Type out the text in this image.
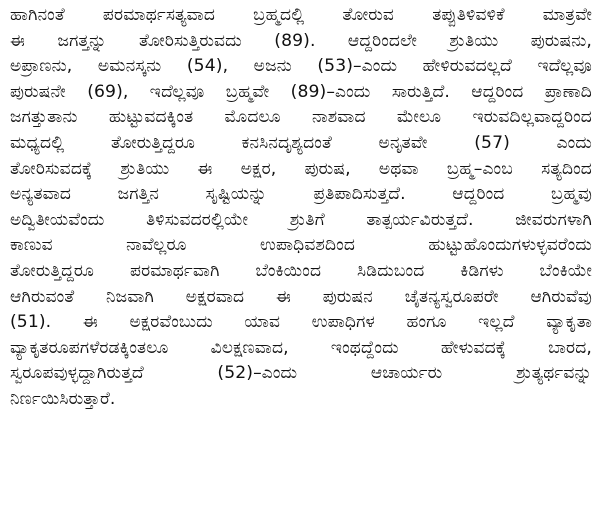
ಹಾಗಿನಂತೆ ಪರಮಾರ್ಥಸತ್ಯವಾದ ಬ್ರಹ್ಮದಲ್ಲಿ ತೋರುವ ತಪ್ಪುತಿಳಿವಳಿಕೆ ಮಾತ್ರವೇ
ಈ ಜಗತ್ತನ್ನು ತೋರಿಸುತ್ತಿರುವದು (89). ಆದ್ದರಿಂದಲೇ ಶ್ರುತಿಯು ಪುರುಷನು,
ಅಪ್ರಾಣನು, ಅಮನಸ್ಕನು (54), ಅಜನು (53)–ಎಂದು ಹೇಳಿರುವದಲ್ಲದೆ ಇದೆಲ್ಲವೂ
ಪುರುಷನೇ (69), ಇದೆಲ್ಲವೂ ಬ್ರಹ್ಮವೇ (89)–ಎಂದು ಸಾರುತ್ತಿದೆ. ಆದ್ದರಿಂದ ಪ್ರಾಣಾದಿ
ಜಗತ್ತುತಾನು ಹುಟ್ಟುವದಕ್ಕಿಂತ ಮೊದಲೂ ನಾಶವಾದ ಮೇಲೂ ಇರುವದಿಲ್ಲವಾದ್ದರಿಂದ
ಮಧ್ಯದಲ್ಲಿ ತೋರುತ್ತಿದ್ದರೂ ಕನಸಿನದೃಶ್ಯದಂತೆ ಅನೃತವೇ (57) ಎಂದು
ತೋರಿಸುವದಕ್ಕೆ ಶ್ರುತಿಯು ಈ ಅಕ್ಷರ, ಪುರುಷ, ಅಥವಾ ಬ್ರಹ್ಮ–ಎಂಬ ಸತ್ಯದಿಂದ
ಅನ್ಯತವಾದ ಜಗತ್ತಿನ ಸೃಷ್ಟಿಯನ್ನು ಪ್ರತಿಪಾದಿಸುತ್ತದೆ. ಆದ್ದರಿಂದ ಬ್ರಹ್ಮವು
ಅದ್ವಿತೀಯವೆಂದು ತಿಳಿಸುವದರಲ್ಲಿಯೇ ಶ್ರುತಿಗೆ ತಾತ್ಪರ್ಯವಿರುತ್ತದೆ. ಜೀವರುಗಳಾಗಿ
ಕಾಣುವ ನಾವೆಲ್ಲರೂ ಉಪಾಧಿವಶದಿಂದ ಹುಟ್ಟುಹೊಂದುಗಳುಳ್ಳವರೆಂದು
ತೋರುತ್ತಿದ್ದರೂ ಪರಮಾರ್ಥವಾಗಿ ಬೆಂಕಿಯಿಂದ ಸಿಡಿದುಬಂದ ಕಿಡಿಗಳು ಬೆಂಕಿಯೇ
ಆಗಿರುವಂತೆ ನಿಜವಾಗಿ ಅಕ್ಷರವಾದ ಈ ಪುರುಷನ ಚೈತನ್ಯಸ್ವರೂಪರೇ ಆಗಿರುವೆವು
(51). ಈ ಅಕ್ಷರವೆಂಬುದು ಯಾವ ಉಪಾಧಿಗಳ ಹಂಗೂ ಇಲ್ಲದೆ ವ್ಯಾಕೃತಾ
ವ್ಯಾಕೃತರೂಪಗಳೆರಡಕ್ಕಿಂತಲೂ ವಿಲಕ್ಷಣವಾದ, ಇಂಥದ್ದೆಂದು ಹೇಳುವದಕ್ಕೆ ಬಾರದ,
ಸ್ವರೂಪವುಳ್ಳದ್ದಾಗಿರುತ್ತದೆ (52)–ಎಂದು ಆಚಾರ್ಯರು ಶ್ರುತ್ಯರ್ಥವನ್ನು
ನಿರ್ಣಯಿಸಿರುತ್ತಾರೆ.
